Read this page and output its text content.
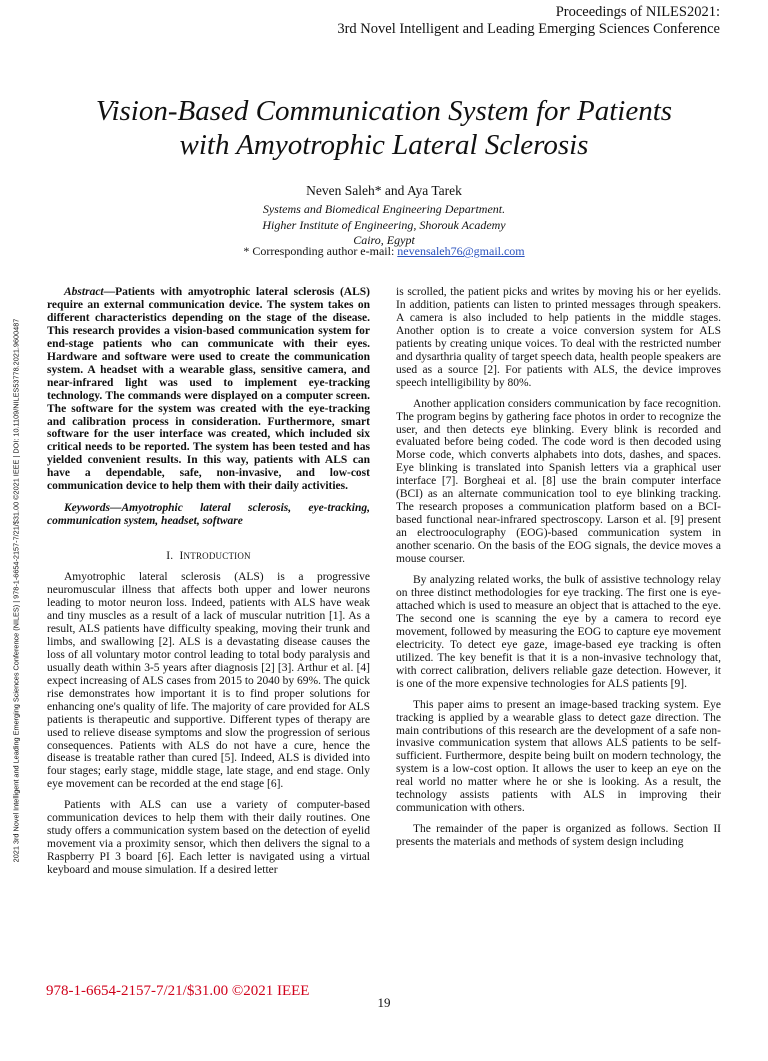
Proceedings of NILES2021:
3rd Novel Intelligent and Leading Emerging Sciences Conference
Vision-Based Communication System for Patients
with Amyotrophic Lateral Sclerosis
Neven Saleh* and Aya Tarek
Systems and Biomedical Engineering Department.
Higher Institute of Engineering, Shorouk Academy
Cairo, Egypt
* Corresponding author e-mail: nevensaleh76@gmail.com
2021 3rd Novel Intelligent and Leading Emerging Sciences Conference (NILES) | 978-1-6654-2157-7/21/$31.00 ©2021 IEEE | DOI: 10.1109/NILES53778.2021.9600487

Abstract—Patients with amyotrophic lateral sclerosis (ALS) require an external communication device. The system takes on different characteristics depending on the stage of the disease. This research provides a vision-based communication system for end-stage patients who can communicate with their eyes. Hardware and software were used to create the communication system. A headset with a wearable glass, sensitive camera, and near-infrared light was used to implement eye-tracking technology. The commands were displayed on a computer screen. The software for the system was created with the eye-tracking and calibration process in consideration. Furthermore, smart software for the user interface was created, which included six critical needs to be reported. The system has been tested and has yielded convenient results. In this way, patients with ALS can have a dependable, safe, non-invasive, and low-cost communication device to help them with their daily activities.

Keywords—Amyotrophic lateral sclerosis, eye-tracking, communication system, headset, software

I. INTRODUCTION

Amyotrophic lateral sclerosis (ALS) is a progressive neuromuscular illness that affects both upper and lower neurons leading to motor neuron loss. Indeed, patients with ALS have weak and tiny muscles as a result of a lack of muscular nutrition [1]. As a result, ALS patients have difficulty speaking, moving their trunk and limbs, and swallowing [2]. ALS is a devastating disease causes the loss of all voluntary motor control leading to total body paralysis and usually death within 3-5 years after diagnosis [2] [3]. Arthur et al. [4] expect increasing of ALS cases from 2015 to 2040 by 69%. The quick rise demonstrates how important it is to find proper solutions for enhancing one's quality of life. The majority of care provided for ALS patients is therapeutic and supportive. Different types of therapy are used to relieve disease symptoms and slow the progression of serious consequences. Patients with ALS do not have a cure, hence the disease is treatable rather than cured [5]. Indeed, ALS is divided into four stages; early stage, middle stage, late stage, and end stage. Only eye movement can be recorded at the end stage [6].

Patients with ALS can use a variety of computer-based communication devices to help them with their daily routines. One study offers a communication system based on the detection of eyelid movement via a proximity sensor, which then delivers the signal to a Raspberry PI 3 board [6]. Each letter is navigated using a virtual keyboard and mouse simulation. If a desired letter

is scrolled, the patient picks and writes by moving his or her eyelids. In addition, patients can listen to printed messages through speakers. A camera is also included to help patients in the middle stages. Another option is to create a voice conversion system for ALS patients by creating unique voices. To deal with the restricted number and dysarthria quality of target speech data, health people speakers are used as a source [2]. For patients with ALS, the device improves speech intelligibility by 80%.

Another application considers communication by face recognition. The program begins by gathering face photos in order to recognize the user, and then detects eye blinking. Every blink is recorded and evaluated before being coded. The code word is then decoded using Morse code, which converts alphabets into dots, dashes, and spaces. Eye blinking is translated into Spanish letters via a graphical user interface [7]. Borgheai et al. [8] use the brain computer interface (BCI) as an alternate communication tool to eye blinking tracking. The research proposes a communication platform based on a BCI-based functional near-infrared spectroscopy. Larson et al. [9] present an electrooculography (EOG)-based communication system in another scenario. On the basis of the EOG signals, the device moves a mouse courser.

By analyzing related works, the bulk of assistive technology relay on three distinct methodologies for eye tracking. The first one is eye- attached which is used to measure an object that is attached to the eye. The second one is scanning the eye by a camera to record eye movement, followed by measuring the EOG to capture eye movement electricity. To detect eye gaze, image-based eye tracking is often utilized. The key benefit is that it is a non-invasive technology that, with correct calibration, delivers reliable gaze detection. However, it is one of the more expensive technologies for ALS patients [9].

This paper aims to present an image-based tracking system. Eye tracking is applied by a wearable glass to detect gaze direction. The main contributions of this research are the development of a safe non-invasive communication system that allows ALS patients to be self-sufficient. Furthermore, despite being built on modern technology, the system is a low-cost option. It allows the user to keep an eye on the real world no matter where he or she is looking. As a result, the technology assists patients with ALS in improving their communication with others.

The remainder of the paper is organized as follows. Section II presents the materials and methods of system design including

978-1-6654-2157-7/21/$31.00 ©2021 IEEE
19
